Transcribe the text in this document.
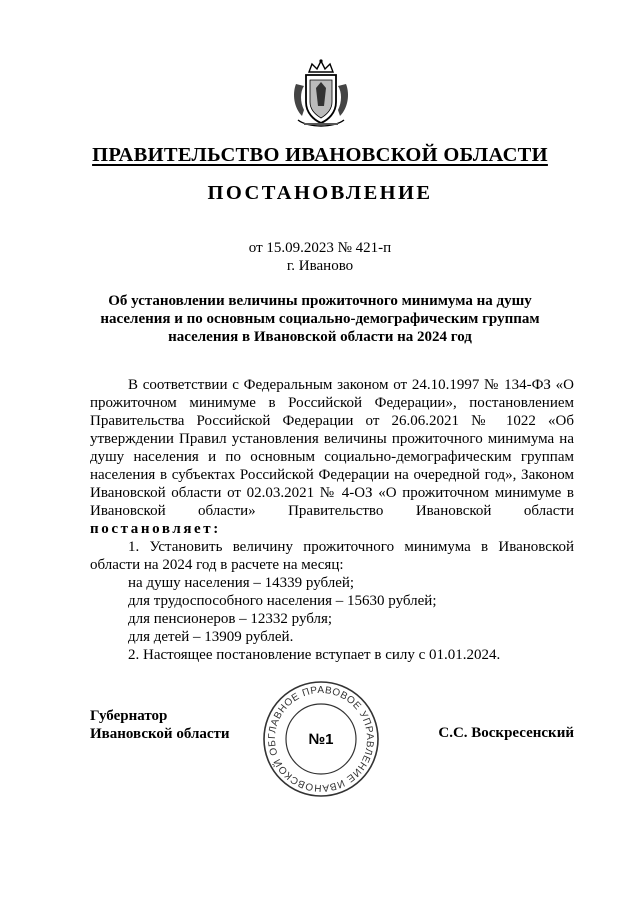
ПРАВИТЕЛЬСТВО ИВАНОВСКОЙ ОБЛАСТИ
ПОСТАНОВЛЕНИЕ
от 15.09.2023 № 421-п
г. Иваново
Об установлении величины прожиточного минимума на душу
населения и по основным социально-демографическим группам
населения в Ивановской области на 2024 год

В соответствии с Федеральным законом от 24.10.1997 № 134-ФЗ «О прожиточном минимуме в Российской Федерации», постановлением Правительства Российской Федерации от 26.06.2021 № 1022 «Об утверждении Правил установления величины прожиточного минимума на душу населения и по основным социально-демографическим группам населения в субъектах Российской Федерации на очередной год», Законом Ивановской области от 02.03.2021 № 4-ОЗ «О прожиточном минимуме в Ивановской области» Правительство Ивановской области постановляет:

1. Установить величину прожиточного минимума в Ивановской области на 2024 год в расчете на месяц:

на душу населения – 14339 рублей;

для трудоспособного населения – 15630 рублей;

для пенсионеров – 12332 рубля;

для детей – 13909 рублей.

2. Настоящее постановление вступает в силу с 01.01.2024.

Губернатор
Ивановской области	ГЛАВНОЕ ПРАВОВОЕ УПРАВЛЕНИЕ ИВАНОВСКОЙ ОБ	№1	С.С. Воскресенский
